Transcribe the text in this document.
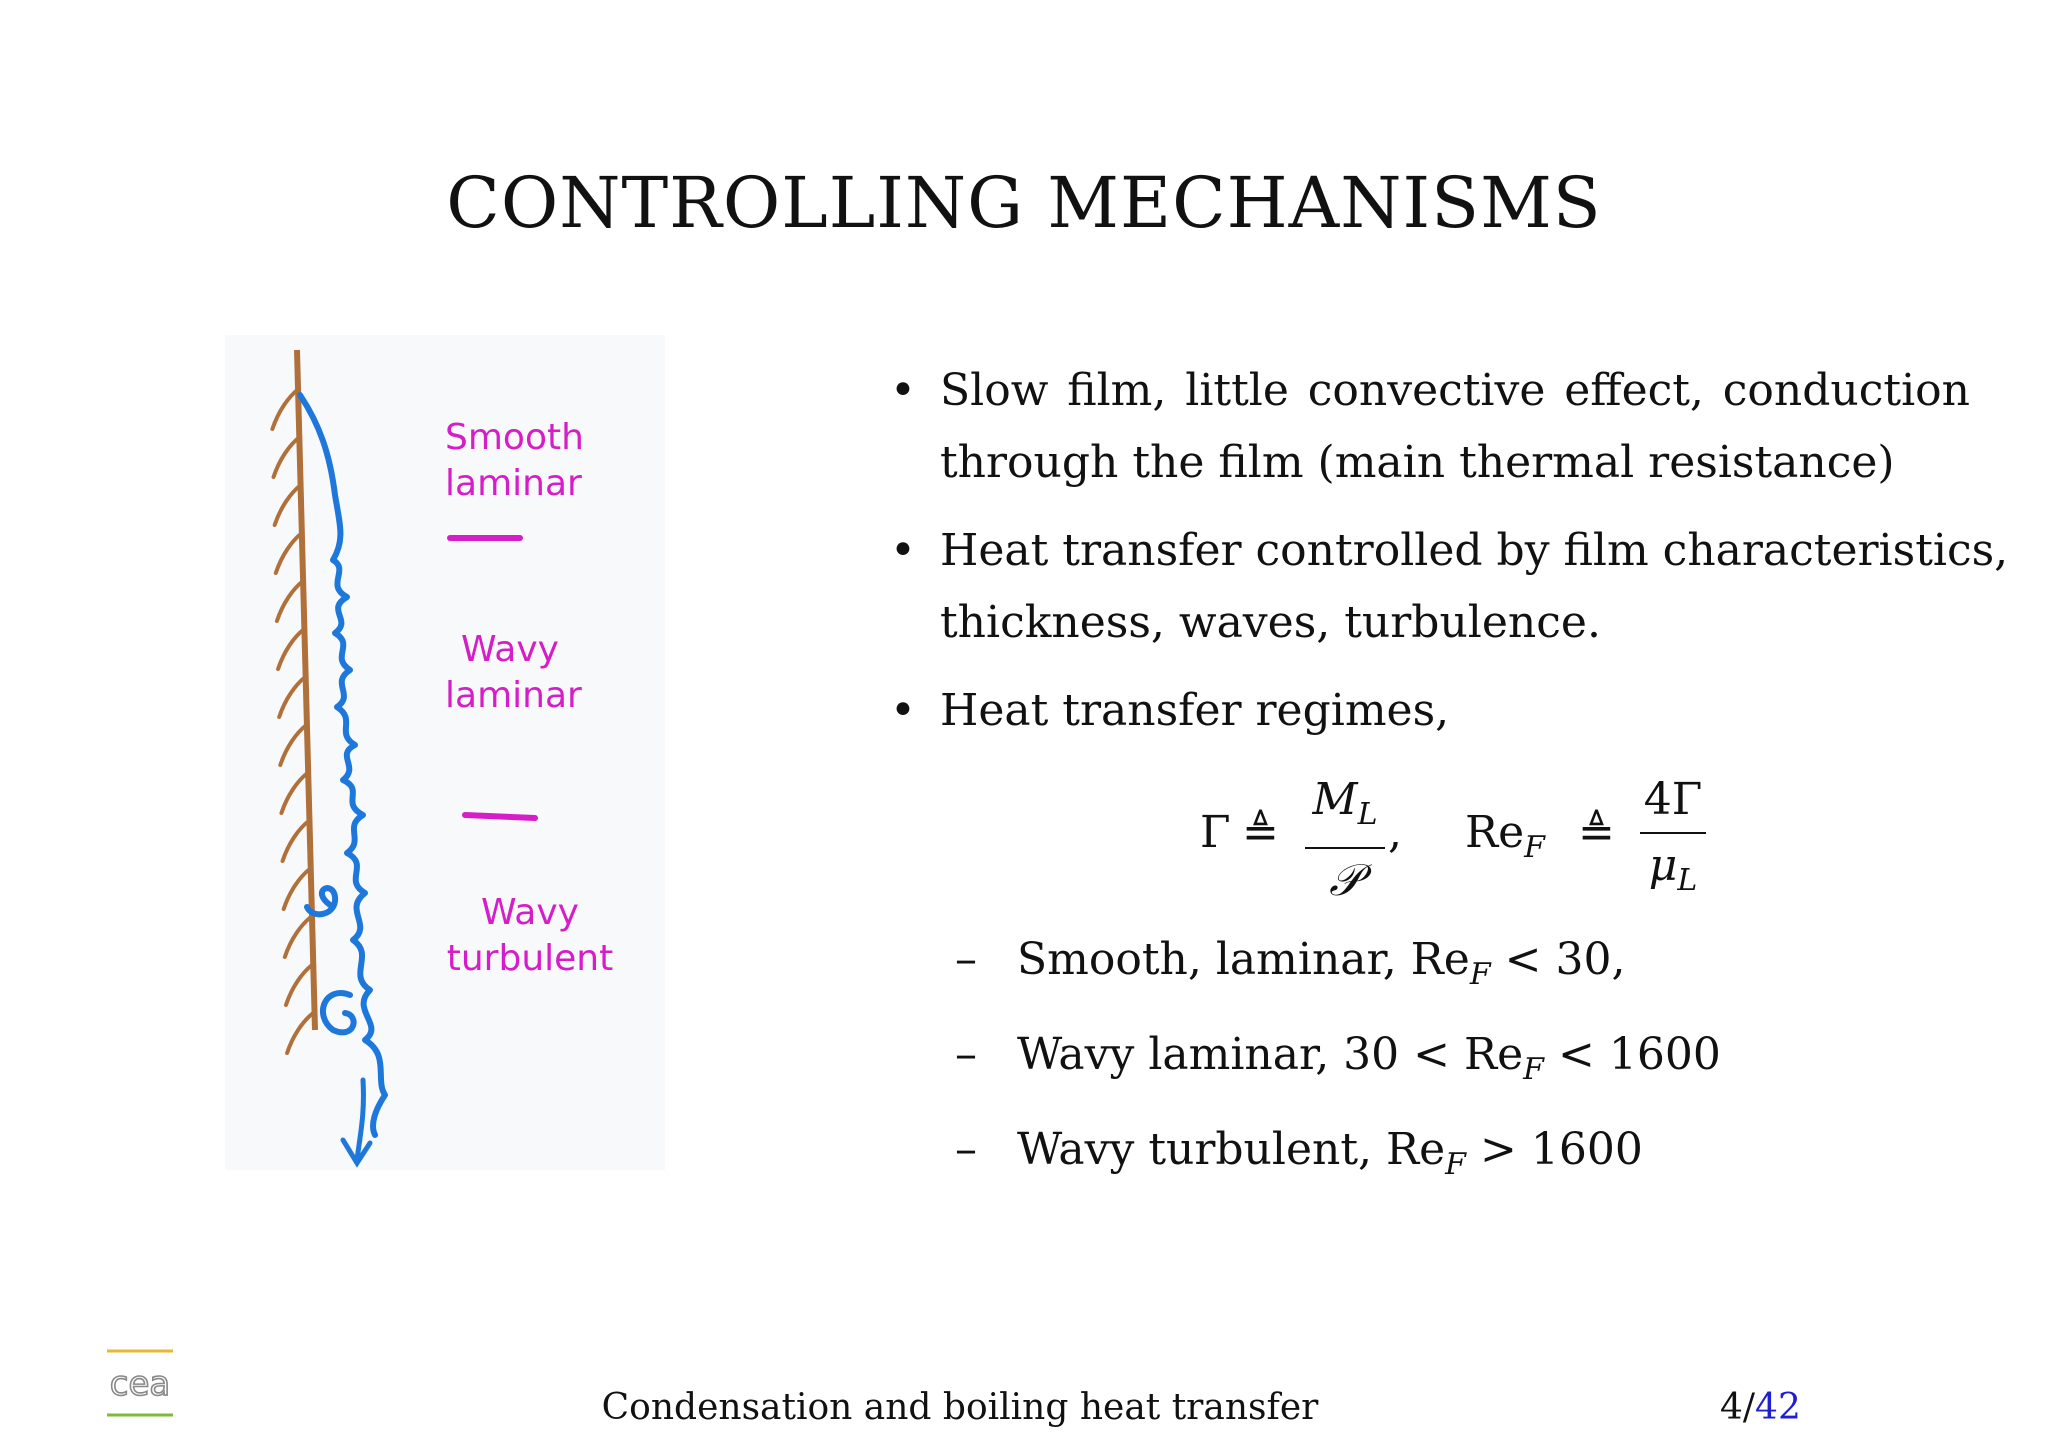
CONTROLLING MECHANISMS
Smooth
laminar
Wavy
laminar
Wavy
turbulent
• Slow film, little convective effect, conduction
through the film (main thermal resistance)
• Heat transfer controlled by film characteristics,
thickness, waves, turbulence.
• Heat transfer regimes,
Γ ≜
$M_L$
𝒫
, $Re_F$ ≜
4Γ
$\mu_L$
– Smooth, laminar, $Re_F < 30$,
– Wavy laminar, $30 < Re_F < 1600$
– Wavy turbulent, $Re_F > 1600$
cea
Condensation and boiling heat transfer	4/42
